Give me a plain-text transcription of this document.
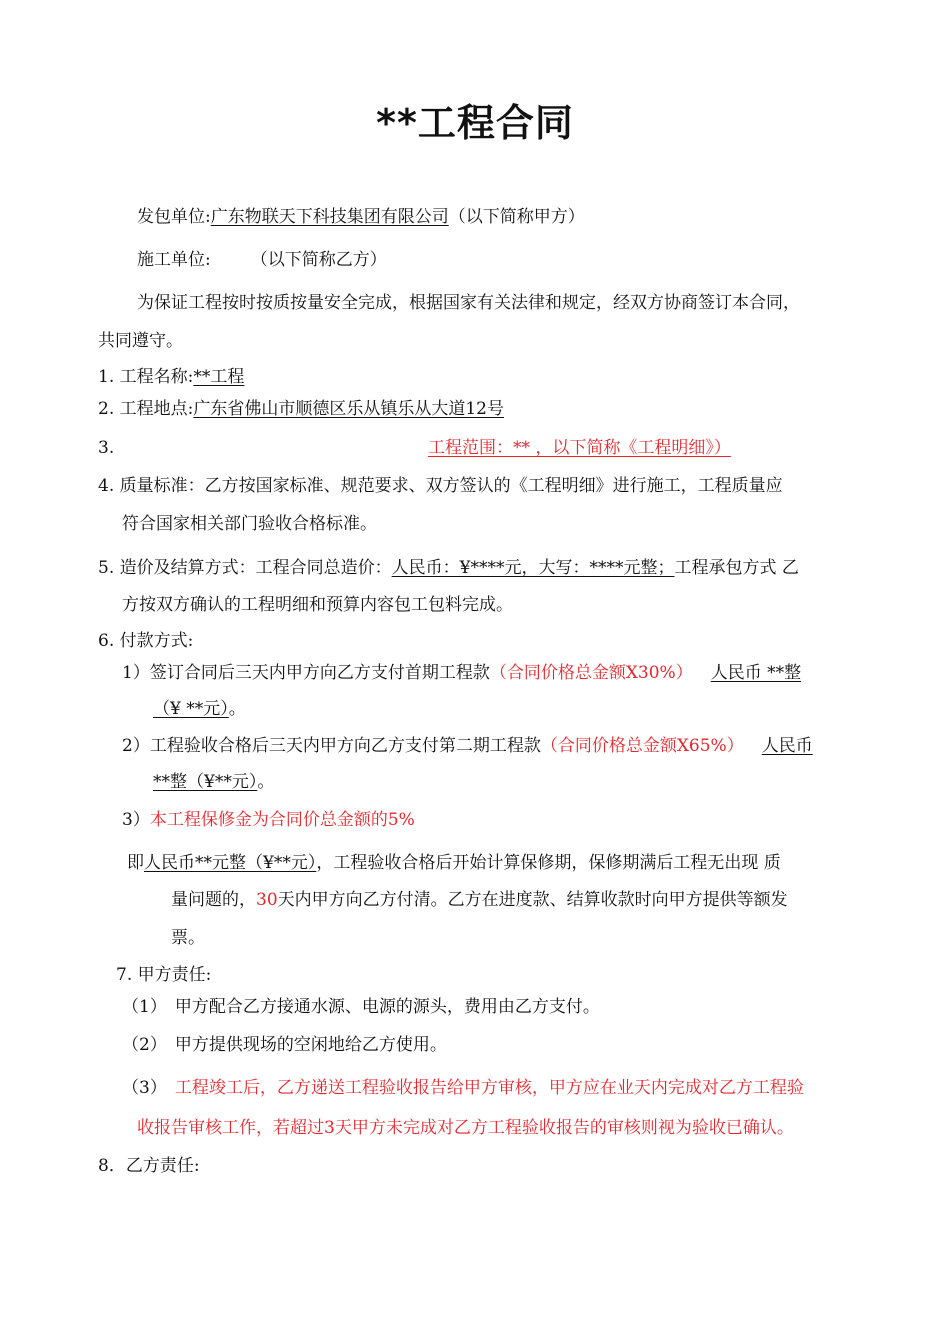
**工程合同
发包单位:广东物联天下科技集团有限公司（以下简称甲方）
施工单位: （以下简称乙方）
为保证工程按时按质按量安全完成，根据国家有关法律和规定，经双方协商签订本合同，
共同遵守。
1. 工程名称:**工程
2. 工程地点:广东省佛山市顺德区乐从镇乐从大道12号
3.	工程范围：** ，以下简称《工程明细》）
4. 质量标准：乙方按国家标准、规范要求、双方签认的《工程明细》进行施工，工程质量应
符合国家相关部门验收合格标准。
5. 造价及结算方式：工程合同总造价：人民币：¥****元，大写：****元整；工程承包方式 乙
方按双方确认的工程明细和预算内容包工包料完成。
6. 付款方式:
1）签订合同后三天内甲方向乙方支付首期工程款（合同价格总金额X30%） 人民币 **整
（¥ **元）。
2）工程验收合格后三天内甲方向乙方支付第二期工程款（合同价格总金额X65%） 人民币
**整（¥**元）。
3）本工程保修金为合同价总金额的5%
即人民币**元整（¥**元），工程验收合格后开始计算保修期，保修期满后工程无出现 质
量问题的，30天内甲方向乙方付清。乙方在进度款、结算收款时向甲方提供等额发
票。
7. 甲方责任:
（1） 甲方配合乙方接通水源、电源的源头，费用由乙方支付。
（2） 甲方提供现场的空闲地给乙方使用。
（3） 工程竣工后，乙方递送工程验收报告给甲方审核，甲方应在业天内完成对乙方工程验
收报告审核工作，若超过3天甲方未完成对乙方工程验收报告的审核则视为验收已确认。
8．乙方责任:
